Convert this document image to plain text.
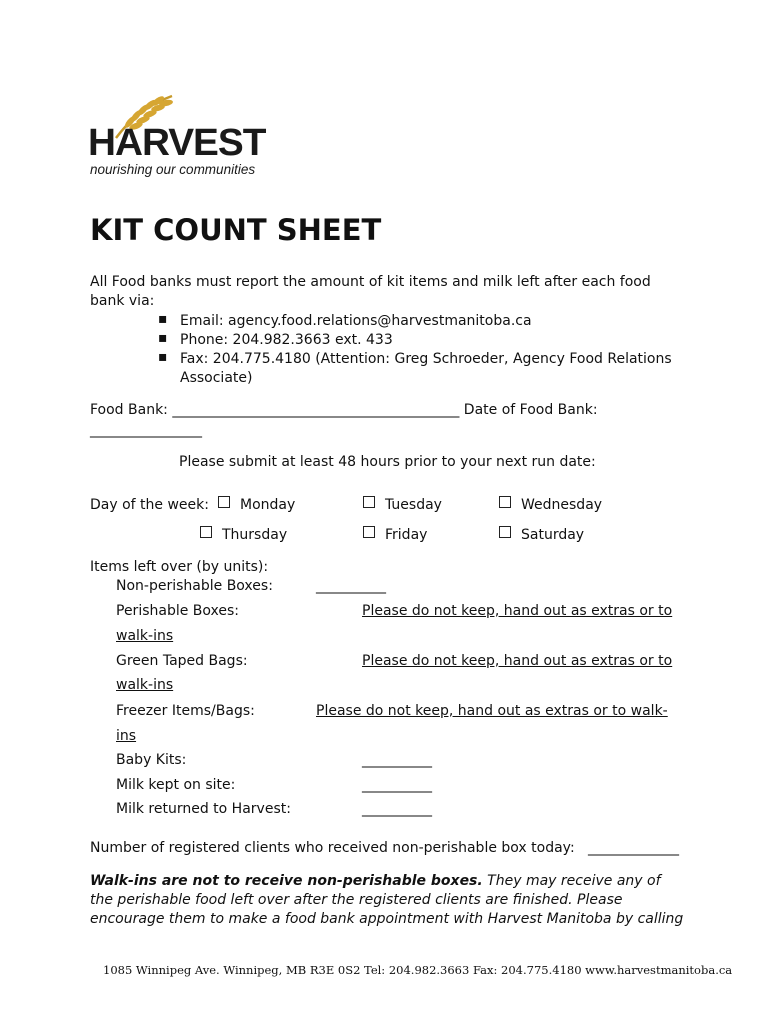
HARVEST
nourishing our communities
KIT COUNT SHEET
All Food banks must report the amount of kit items and milk left after each food
bank via:
▪ Email: agency.food.relations@harvestmanitoba.ca
▪ Phone: 204.982.3663 ext. 433
▪ Fax: 204.775.4180 (Attention: Greg Schroeder, Agency Food Relations
Associate)
Food Bank: _________________________________________ Date of Food Bank:
________________
Please submit at least 48 hours prior to your next run date:
Day of the week: Monday	Tuesday	Wednesday
Thursday	Friday	Saturday
Items left over (by units):
Non-perishable Boxes:	__________
Perishable Boxes:	Please do not keep, hand out as extras or to
walk-ins
Green Taped Bags:	Please do not keep, hand out as extras or to
walk-ins
Freezer Items/Bags:	Please do not keep, hand out as extras or to walk-
ins
Baby Kits:	__________
Milk kept on site:	__________
Milk returned to Harvest:	__________
Number of registered clients who received non-perishable box today: _____________
Walk-ins are not to receive non-perishable boxes. They may receive any of
the perishable food left over after the registered clients are finished. Please
encourage them to make a food bank appointment with Harvest Manitoba by calling
1085 Winnipeg Ave. Winnipeg, MB R3E 0S2 Tel: 204.982.3663 Fax: 204.775.4180 www.harvestmanitoba.ca
